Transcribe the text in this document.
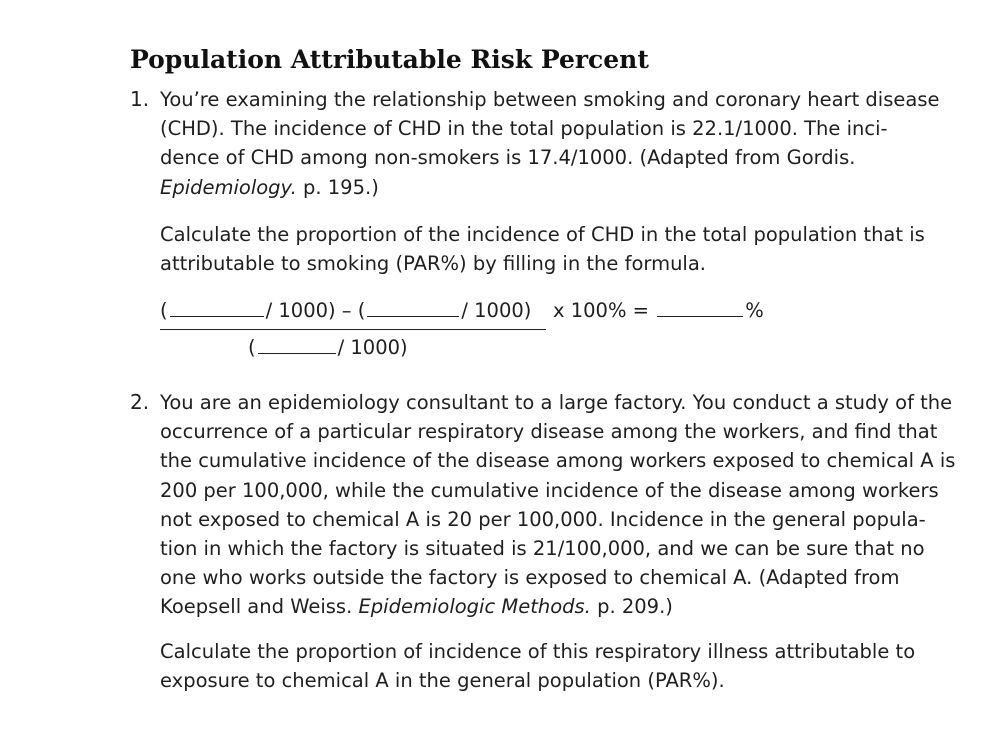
Population Attributable Risk Percent
1. You’re examining the relationship between smoking and coronary heart disease
(CHD). The incidence of CHD in the total population is 22.1/1000. The inci-
dence of CHD among non-smokers is 17.4/1000. (Adapted from Gordis.
Epidemiology. p. 195.)
Calculate the proportion of the incidence of CHD in the total population that is
attributable to smoking (PAR%) by filling in the formula.
(	/ 1000) – (	/ 1000)
(	/ 1000)
x 100% =	%
2. You are an epidemiology consultant to a large factory. You conduct a study of the
occurrence of a particular respiratory disease among the workers, and find that
the cumulative incidence of the disease among workers exposed to chemical A is
200 per 100,000, while the cumulative incidence of the disease among workers
not exposed to chemical A is 20 per 100,000. Incidence in the general popula-
tion in which the factory is situated is 21/100,000, and we can be sure that no
one who works outside the factory is exposed to chemical A. (Adapted from
Koepsell and Weiss. Epidemiologic Methods. p. 209.)
Calculate the proportion of incidence of this respiratory illness attributable to
exposure to chemical A in the general population (PAR%).
